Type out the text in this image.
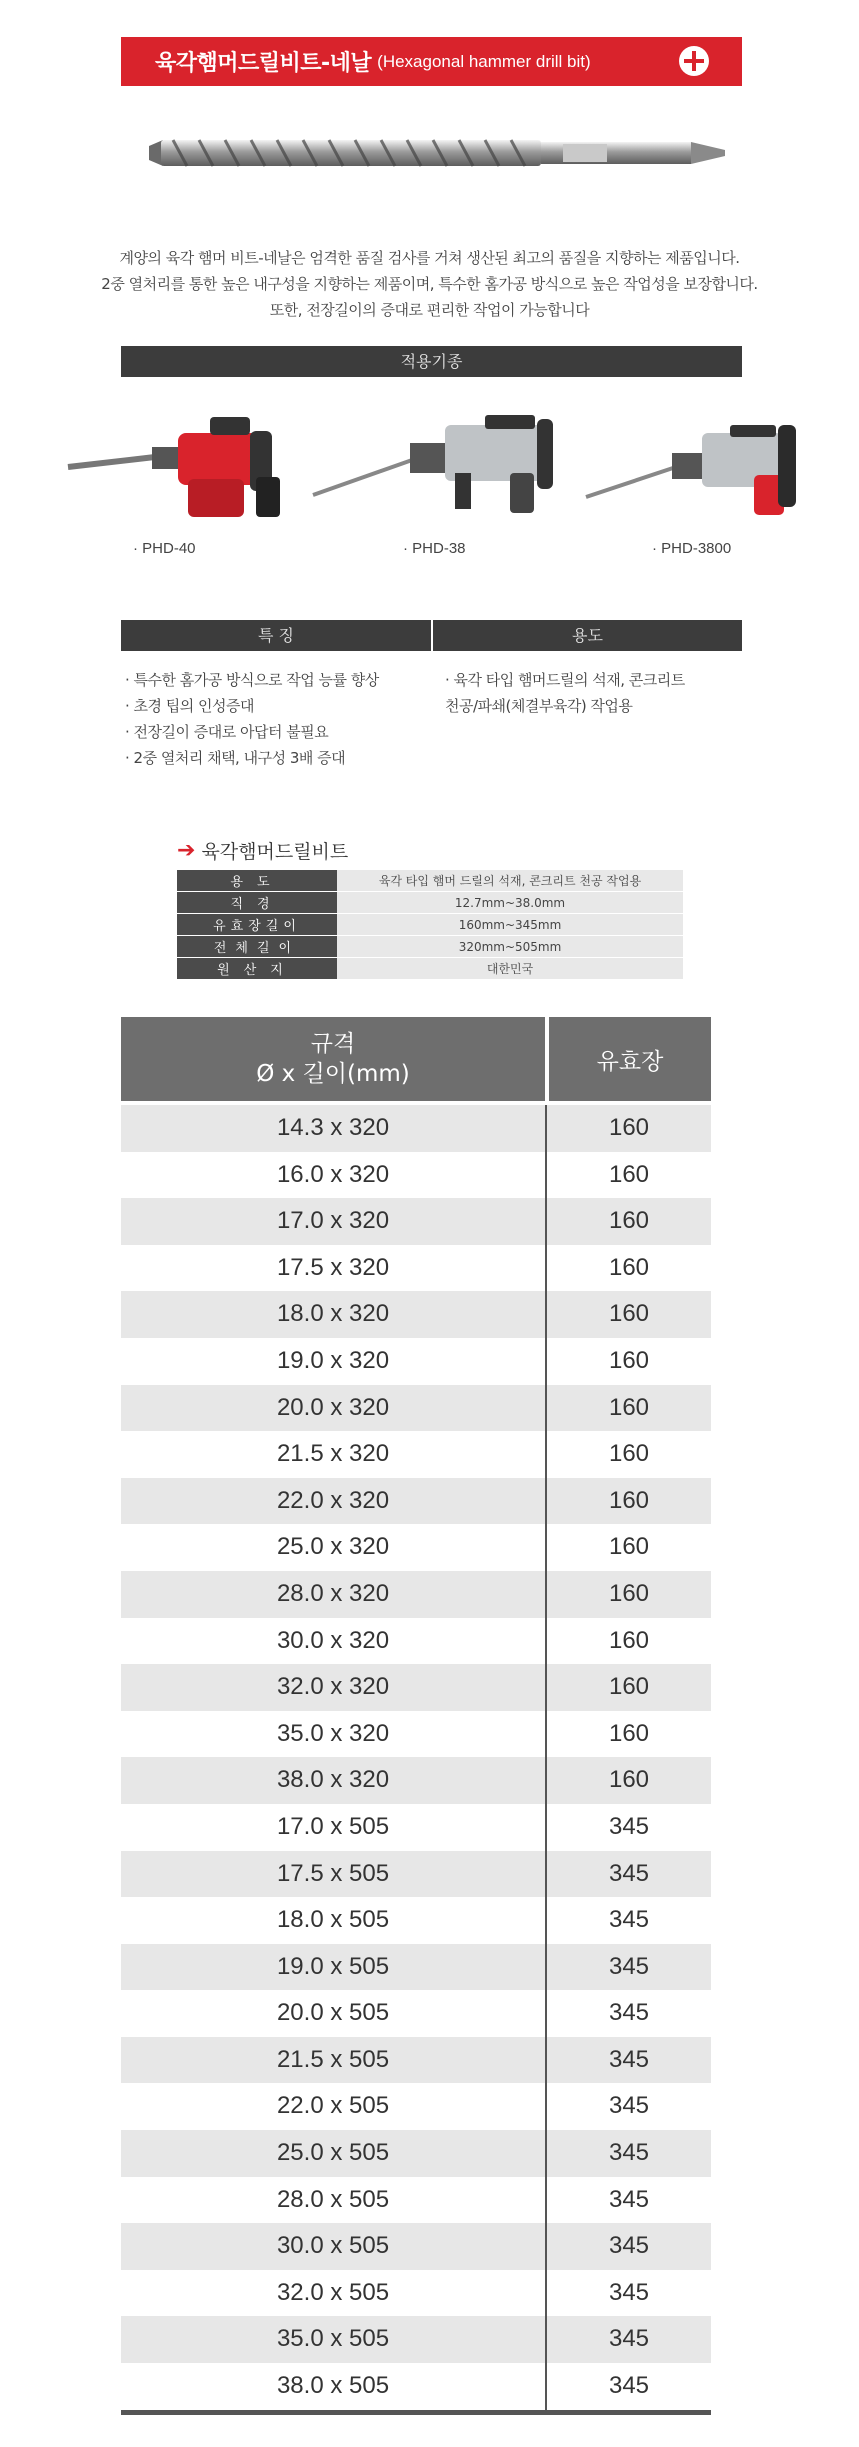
육각햄머드릴비트-네날 (Hexagonal hammer drill bit)
계양의 육각 햄머 비트-네날은 엄격한 품질 검사를 거쳐 생산된 최고의 품질을 지향하는 제품입니다.
2중 열처리를 통한 높은 내구성을 지향하는 제품이며, 특수한 홈가공 방식으로 높은 작업성을 보장합니다.
또한, 전장길이의 증대로 편리한 작업이 가능합니다
적용기종
· PHD-40	· PHD-38	· PHD-3800
특 징	용도
· 특수한 홈가공 방식으로 작업 능률 향상
· 초경 팁의 인성증대
· 전장길이 증대로 아답터 불필요
· 2중 열처리 채택, 내구성 3배 증대
· 육각 타입 햄머드릴의 석재, 콘크리트
천공/파쇄(체결부육각) 작업용
➔ 육각햄머드릴비트
용도	육각 타입 햄머 드릴의 석재, 콘크리트 천공 작업용
직경	12.7mm~38.0mm
유효장길이	160mm~345mm
전체길이	320mm~505mm
원산지	대한민국
규격
Ø x 길이(mm)	유효장
14.3 x 320	160
16.0 x 320	160
17.0 x 320	160
17.5 x 320	160
18.0 x 320	160
19.0 x 320	160
20.0 x 320	160
21.5 x 320	160
22.0 x 320	160
25.0 x 320	160
28.0 x 320	160
30.0 x 320	160
32.0 x 320	160
35.0 x 320	160
38.0 x 320	160
17.0 x 505	345
17.5 x 505	345
18.0 x 505	345
19.0 x 505	345
20.0 x 505	345
21.5 x 505	345
22.0 x 505	345
25.0 x 505	345
28.0 x 505	345
30.0 x 505	345
32.0 x 505	345
35.0 x 505	345
38.0 x 505	345
